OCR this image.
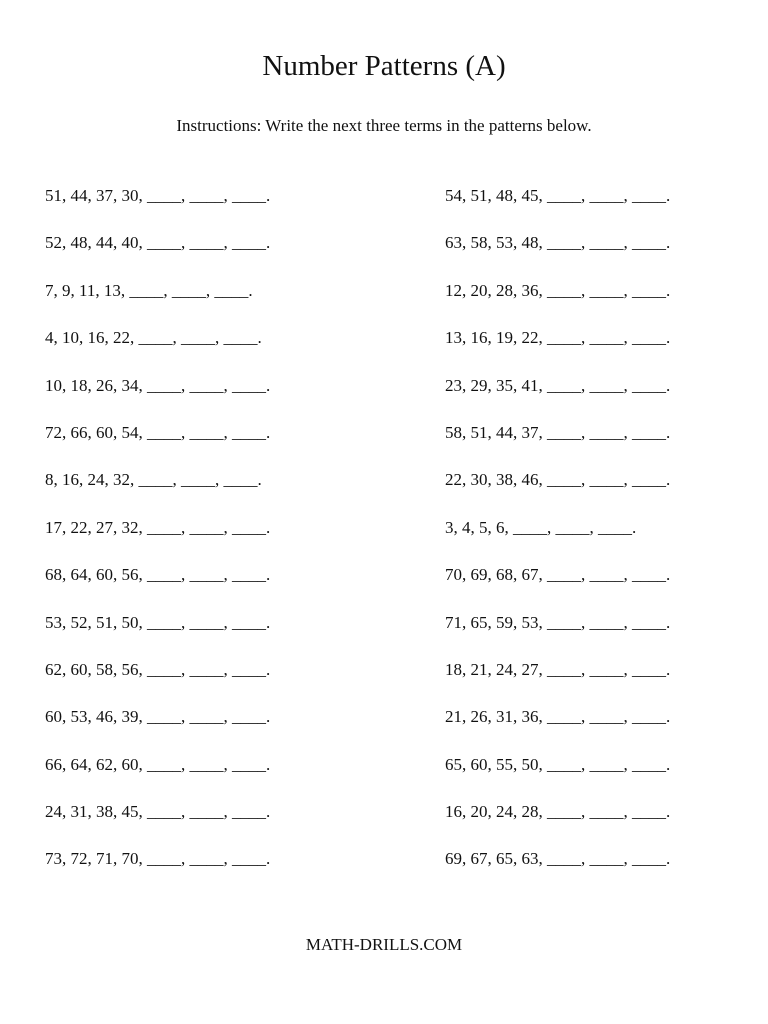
Number Patterns (A)
Instructions: Write the next three terms in the patterns below.
51, 44, 37, 30, ____, ____, ____.
52, 48, 44, 40, ____, ____, ____.
7, 9, 11, 13, ____, ____, ____.
4, 10, 16, 22, ____, ____, ____.
10, 18, 26, 34, ____, ____, ____.
72, 66, 60, 54, ____, ____, ____.
8, 16, 24, 32, ____, ____, ____.
17, 22, 27, 32, ____, ____, ____.
68, 64, 60, 56, ____, ____, ____.
53, 52, 51, 50, ____, ____, ____.
62, 60, 58, 56, ____, ____, ____.
60, 53, 46, 39, ____, ____, ____.
66, 64, 62, 60, ____, ____, ____.
24, 31, 38, 45, ____, ____, ____.
73, 72, 71, 70, ____, ____, ____.
54, 51, 48, 45, ____, ____, ____.
63, 58, 53, 48, ____, ____, ____.
12, 20, 28, 36, ____, ____, ____.
13, 16, 19, 22, ____, ____, ____.
23, 29, 35, 41, ____, ____, ____.
58, 51, 44, 37, ____, ____, ____.
22, 30, 38, 46, ____, ____, ____.
3, 4, 5, 6, ____, ____, ____.
70, 69, 68, 67, ____, ____, ____.
71, 65, 59, 53, ____, ____, ____.
18, 21, 24, 27, ____, ____, ____.
21, 26, 31, 36, ____, ____, ____.
65, 60, 55, 50, ____, ____, ____.
16, 20, 24, 28, ____, ____, ____.
69, 67, 65, 63, ____, ____, ____.
MATH-DRILLS.COM
